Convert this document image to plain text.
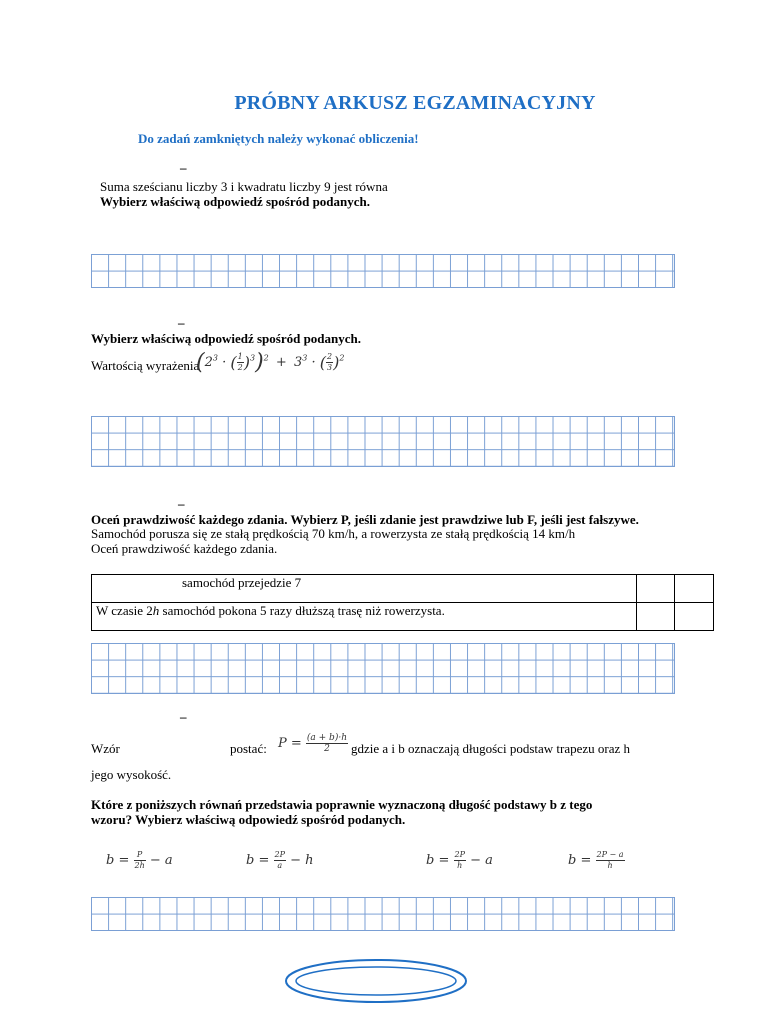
PRÓBNY ARKUSZ EGZAMINACYJNY
Do zadań zamkniętych należy wykonać obliczenia!
–
Suma sześcianu liczby 3 i kwadratu liczby 9 jest równa
Wybierz właściwą odpowiedź spośród podanych.
–
Wybierz właściwą odpowiedź spośród podanych.
Wartością wyrażenia
($2^3$ · ( $\frac{1}{2} )^3)^2 + 3^3$ · ( $\frac{2}{3} )^2$
–
Oceń prawdziwość każdego zdania. Wybierz P, jeśli zdanie jest prawdziwe lub F, jeśli jest fałszywe.
Samochód porusza się ze stałą prędkością 70 km/h, a rowerzysta ze stałą prędkością 14 km/h
Oceń prawdziwość każdego zdania.
samochód przejedzie 7		
W czasie 2h samochód pokona 5 razy dłuższą trasę niż rowerzysta.		
–
Wzór	postać: $P = \frac{(a + b)\cdot h}{2}$ gdzie a i b oznaczają długości podstaw trapezu oraz h
jego wysokość.
Które z poniższych równań przedstawia poprawnie wyznaczoną długość podstawy b z tego
wzoru? Wybierz właściwą odpowiedź spośród podanych.
$b = \frac{P}{2h} - a$	$b = \frac{2P}{a} - h$	$b = \frac{2P}{h} - a$	$b = \frac{2P - a}{h}$
